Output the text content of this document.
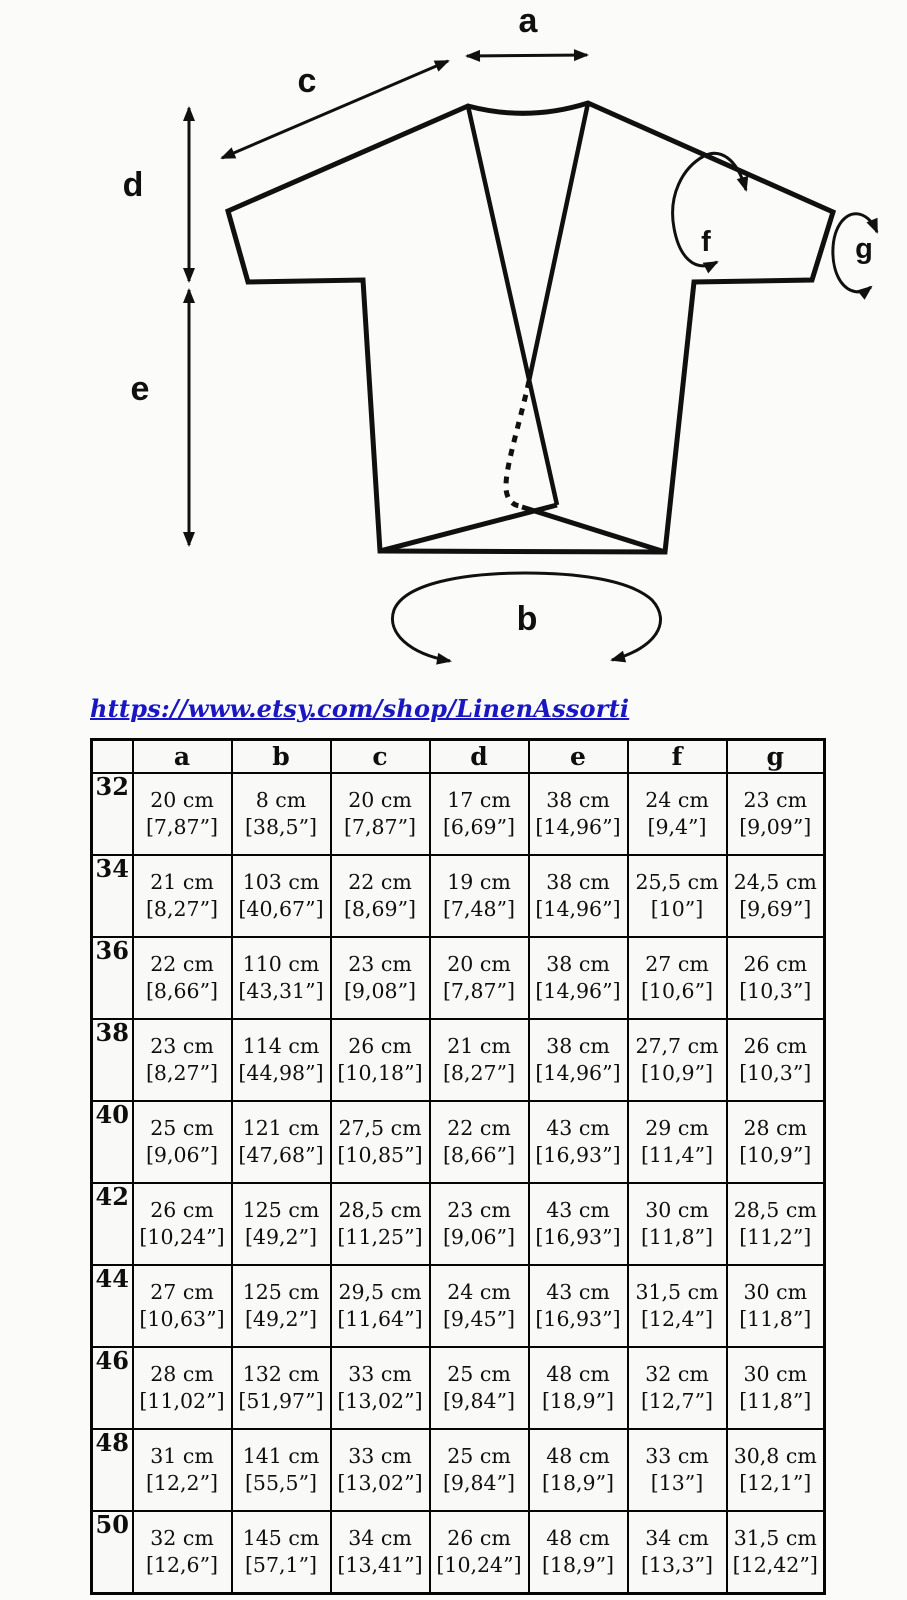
a
c
d
e
f	g
b
https://www.etsy.com/shop/LinenAssorti
	a	b	c	d	e	f	g
32	20 cm
[7,87”]

8 cm
[38,5”]

20 cm
[7,87”]

17 cm
[6,69”]

38 cm
[14,96”]

24 cm
[9,4”]

23 cm
[9,09”]

34	21 cm
[8,27”]

103 cm
[40,67”]

22 cm
[8,69”]

19 cm
[7,48”]

38 cm
[14,96”]

25,5 cm
[10”]

24,5 cm
[9,69”]

36	22 cm
[8,66”]

110 cm
[43,31”]

23 cm
[9,08”]

20 cm
[7,87”]

38 cm
[14,96”]

27 cm
[10,6”]

26 cm
[10,3”]

38	23 cm
[8,27”]

114 cm
[44,98”]

26 cm
[10,18”]

21 cm
[8,27”]

38 cm
[14,96”]

27,7 cm
[10,9”]

26 cm
[10,3”]

40	25 cm
[9,06”]

121 cm
[47,68”]

27,5 cm
[10,85”]

22 cm
[8,66”]

43 cm
[16,93”]

29 cm
[11,4”]

28 cm
[10,9”]

42	26 cm
[10,24”]

125 cm
[49,2”]

28,5 cm
[11,25”]

23 cm
[9,06”]

43 cm
[16,93”]

30 cm
[11,8”]

28,5 cm
[11,2”]

44	27 cm
[10,63”]

125 cm
[49,2”]

29,5 cm
[11,64”]

24 cm
[9,45”]

43 cm
[16,93”]

31,5 cm
[12,4”]

30 cm
[11,8”]

46	28 cm
[11,02”]

132 cm
[51,97”]

33 cm
[13,02”]

25 cm
[9,84”]

48 cm
[18,9”]

32 cm
[12,7”]

30 cm
[11,8”]

48	31 cm
[12,2”]

141 cm
[55,5”]

33 cm
[13,02”]

25 cm
[9,84”]

48 cm
[18,9”]

33 cm
[13”]

30,8 cm
[12,1”]

50	32 cm
[12,6”]

145 cm
[57,1”]

34 cm
[13,41”]

26 cm
[10,24”]

48 cm
[18,9”]

34 cm
[13,3”]

31,5 cm
[12,42”]
